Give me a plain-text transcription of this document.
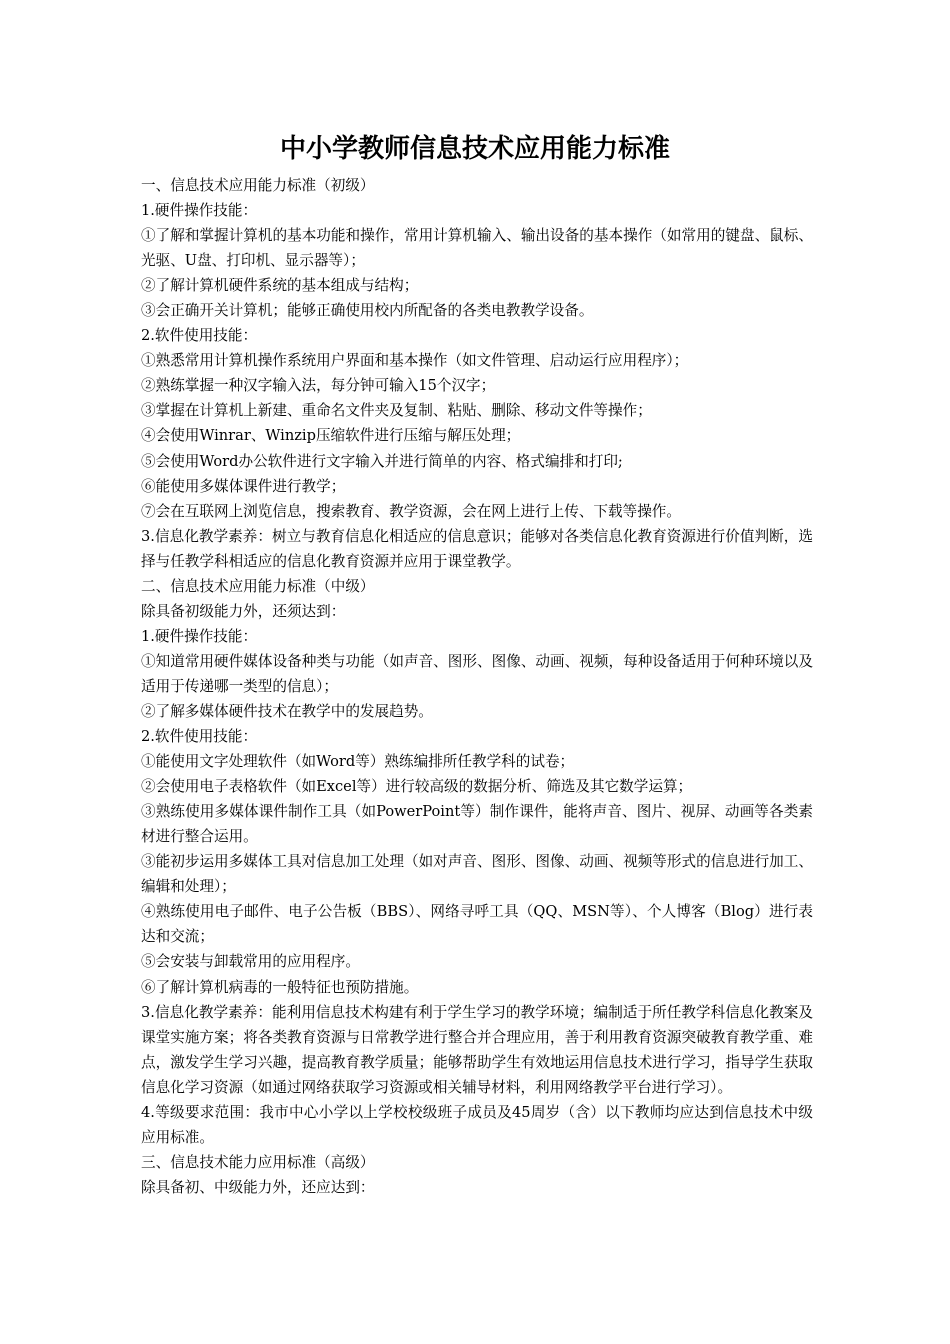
中小学教师信息技术应用能力标准

一、信息技术应用能力标准（初级）

1.硬件操作技能：

①了解和掌握计算机的基本功能和操作，常用计算机输入、输出设备的基本操作（如常用的键盘、鼠标、光驱、U盘、打印机、显示器等）；

②了解计算机硬件系统的基本组成与结构；

③会正确开关计算机；能够正确使用校内所配备的各类电教教学设备。

2.软件使用技能：

①熟悉常用计算机操作系统用户界面和基本操作（如文件管理、启动运行应用程序）；

②熟练掌握一种汉字输入法，每分钟可输入15个汉字；

③掌握在计算机上新建、重命名文件夹及复制、粘贴、删除、移动文件等操作；

④会使用Winrar、Winzip压缩软件进行压缩与解压处理；

⑤会使用Word办公软件进行文字输入并进行简单的内容、格式编排和打印;

⑥能使用多媒体课件进行教学；

⑦会在互联网上浏览信息，搜索教育、教学资源，会在网上进行上传、下载等操作。

3.信息化教学素养：树立与教育信息化相适应的信息意识；能够对各类信息化教育资源进行价值判断，选择与任教学科相适应的信息化教育资源并应用于课堂教学。

二、信息技术应用能力标准（中级）

除具备初级能力外，还须达到：

1.硬件操作技能：

①知道常用硬件媒体设备种类与功能（如声音、图形、图像、动画、视频，每种设备适用于何种环境以及适用于传递哪一类型的信息）；

②了解多媒体硬件技术在教学中的发展趋势。

2.软件使用技能：

①能使用文字处理软件（如Word等）熟练编排所任教学科的试卷；

②会使用电子表格软件（如Excel等）进行较高级的数据分析、筛选及其它数学运算；

③熟练使用多媒体课件制作工具（如PowerPoint等）制作课件，能将声音、图片、视屏、动画等各类素材进行整合运用。

③能初步运用多媒体工具对信息加工处理（如对声音、图形、图像、动画、视频等形式的信息进行加工、编辑和处理）；

④熟练使用电子邮件、电子公告板（BBS）、网络寻呼工具（QQ、MSN等）、个人博客（Blog）进行表达和交流；

⑤会安装与卸载常用的应用程序。

⑥了解计算机病毒的一般特征也预防措施。

3.信息化教学素养：能利用信息技术构建有利于学生学习的教学环境；编制适于所任教学科信息化教案及课堂实施方案；将各类教育资源与日常教学进行整合并合理应用，善于利用教育资源突破教育教学重、难点，激发学生学习兴趣，提高教育教学质量；能够帮助学生有效地运用信息技术进行学习，指导学生获取信息化学习资源（如通过网络获取学习资源或相关辅导材料，利用网络教学平台进行学习）。

4.等级要求范围：我市中心小学以上学校校级班子成员及45周岁（含）以下教师均应达到信息技术中级应用标准。

三、信息技术能力应用标准（高级）

除具备初、中级能力外，还应达到：
